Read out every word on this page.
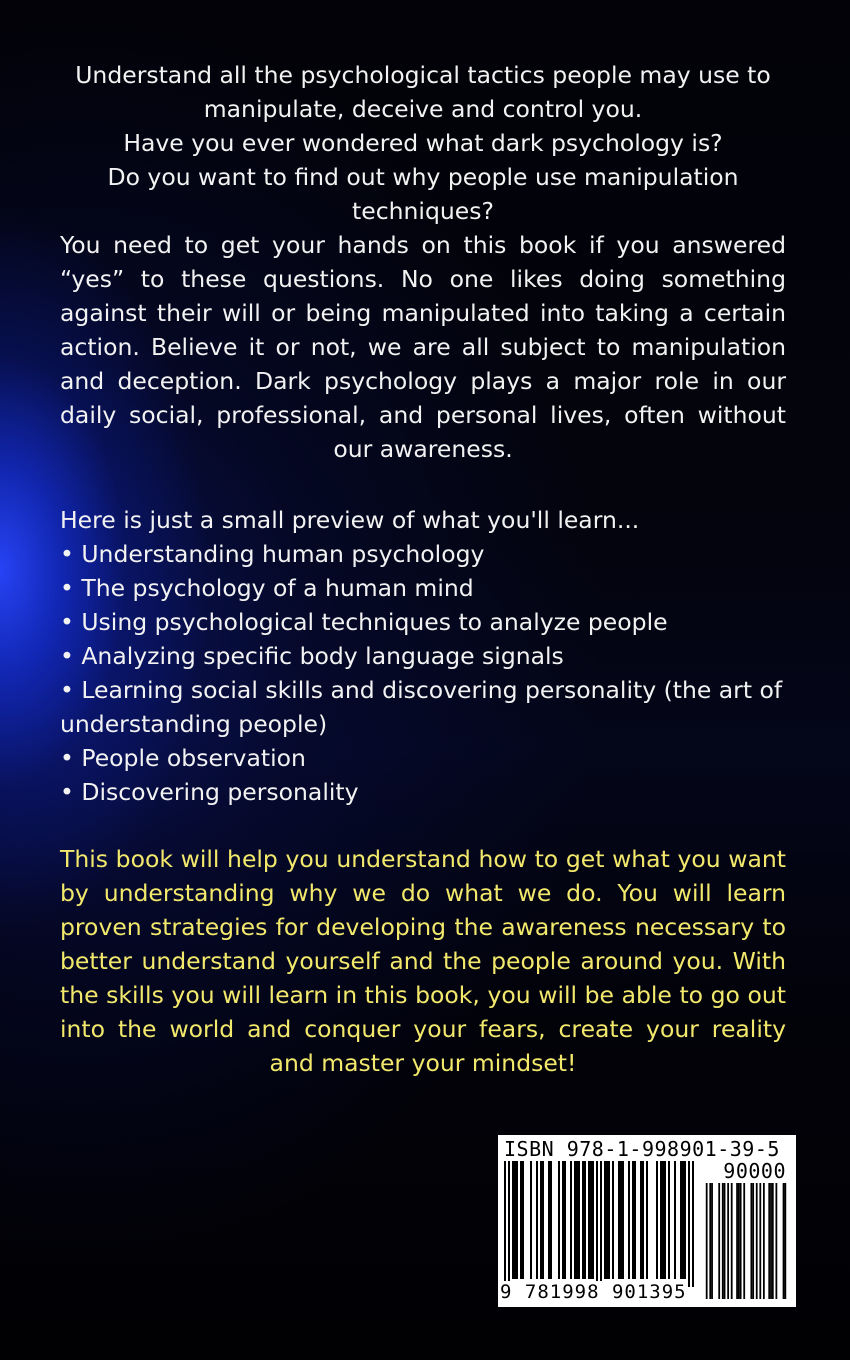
Understand all the psychological tactics people may use to manipulate, deceive and control you.

Have you ever wondered what dark psychology is?

Do you want to find out why people use manipulation techniques?

You need to get your hands on this book if you answered “yes” to these questions. No one likes doing something against their will or being manipulated into taking a certain action. Believe it or not, we are all subject to manipulation and deception. Dark psychology plays a major role in our daily social, professional, and personal lives, often without our awareness.

Here is just a small preview of what you'll learn...

• Understanding human psychology
• The psychology of a human mind
• Using psychological techniques to analyze people
• Analyzing specific body language signals
• Learning social skills and discovering personality (the art of understanding people)
• People observation
• Discovering personality

This book will help you understand how to get what you want by understanding why we do what we do. You will learn proven strategies for developing the awareness necessary to better understand yourself and the people around you. With the skills you will learn in this book, you will be able to go out into the world and conquer your fears, create your reality and master your mindset!

ISBN 978-1-998901-39-5
90000
9 781998 901395
